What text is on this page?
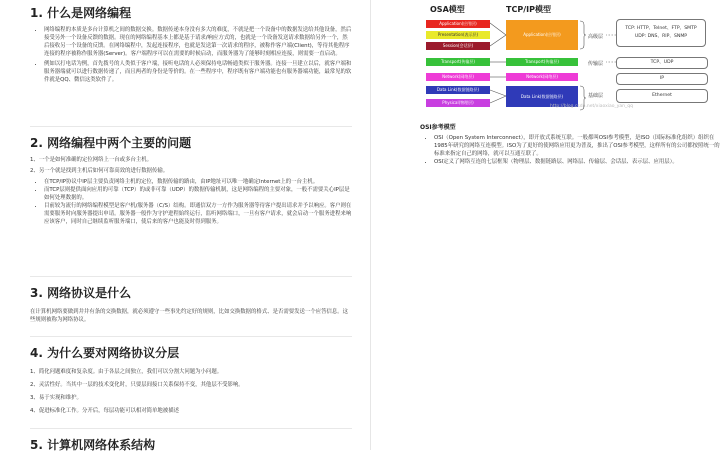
1. 什么是网络编程
• 网络编程的本质是多台计算机之间的数据交换。数据传递本身没有多大的难度，不就是把一个设备中的数据发送给其他设备，然后接受另外一个设备反馈的数据。现在的网络编程基本上都是基于请求/响应方式的，也就是一个设备发送请求数据给另外一个，然后接收另一个设备的反馈。在网络编程中，发起连接程序，也就是发送第一次请求的程序，被称作客户端(Client)，等待其他程序连接的程序被称作服务器(Server)。客户端程序可以在需要的时候启动，而服务器为了能够时刻相应连接，则需要一直启动。
• 例如以打电话为例，首先拨号的人类似于客户端，接听电话的人必须保持电话畅通类似于服务器。连接一旦建立以后，就客户端和服务器端就可以进行数据传递了，而且两者的身份是等价的。在一些程序中，程序既有客户端功能也有服务器端功能，最常见的软件就是QQ、微信这类软件了。
2. 网络编程中两个主要的问题
1、一个是如何准确的定位网络上一台或多台主机。
2、另一个就是找到主机后如何可靠高效的进行数据传输。
• 在TCP/IP协议中IP层主要负责网络主机的定位，数据传输的路由，由IP地址可以唯一地确定Internet上的一台主机。
• 而TCP层则提供面向应用的可靠（TCP）的或非可靠（UDP）的数据传输机制，这是网络编程的主要对象，一般不需要关心IP层是如何处理数据的。
• 目前较为流行的网络编程模型是客户机/服务器（C/S）结构。即通信双方一方作为服务器等待客户提出请求并予以响应。客户则在需要服务时向服务器提出申请。服务器一般作为守护进程始终运行，监听网络端口，一旦有客户请求，就会启动一个服务进程来响应该客户，同时自己继续监听服务端口，使后来的客户也能及时得到服务。
3. 网络协议是什么
在计算机网络要做到井井有条的交换数据，就必须遵守一些事先约定好的规则，比如交换数据的格式、是否需要发送一个应答信息。这些规则被称为网络协议。
4. 为什么要对网络协议分层
1、简化问题难度和复杂度。由于各层之间独立，我们可以分割大问题为小问题。
2、灵活性好。当其中一层的技术变化时，只要层间接口关系保持不变，其他层不受影响。
3、易于实现和维护。
4、促进标准化工作。分开后，每层功能可以相对简单地被描述
5. 计算机网络体系结构
OSA模型	TCP/IP模型
Application(应用层)
Presentation(表示层)
Session(会话层)
Transport(传输层)
Network(网络层)
Data Link(数据链路层)
Physical(物理层)
Application(应用层)
Transport(传输层)
Network(网络层)
Data Link(数据链路层)
高级层
传输层
基础层
TCP: HTTP、Telnet、FTP、SMTP
UDP: DNS、RIP、SNMP
TCP、UDP
IP
Ethernet
http://blog.csdn.net/xiaoxiao_yan_qq
OSI参考模型
• OSI（Open System Interconnect），即开放式系统互联。一般都叫OSI参考模型，是ISO（国际标准化组织）组织在1985年研究的网络互连模型。ISO为了更好的使网络应用更为普及，推出了OSI参考模型，这样所有的公司都按照统一的标准来指定自己的网络，就可以互通互联了。
• OSI定义了网络互连的七层框架（物理层、数据链路层、网络层、传输层、会话层、表示层、应用层）。
